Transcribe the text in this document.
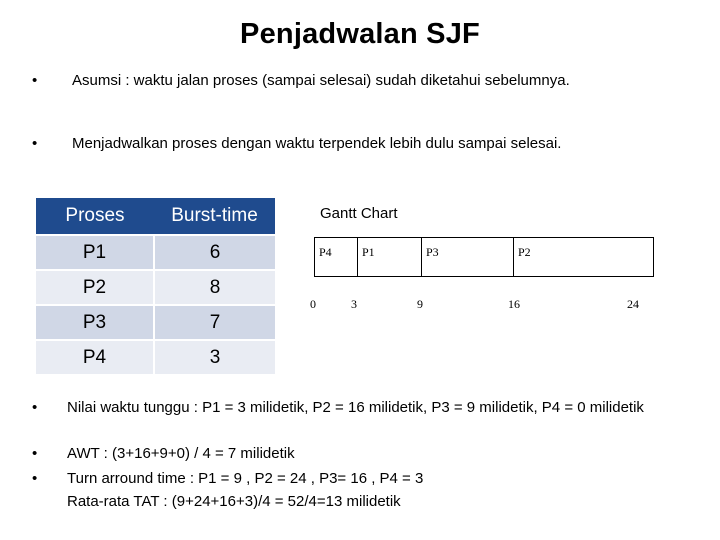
Penjadwalan SJF
• Asumsi : waktu jalan proses (sampai selesai) sudah diketahui sebelumnya.
• Menjadwalkan proses dengan waktu terpendek lebih dulu sampai selesai.
Proses	Burst-time
P1	6
P2	8
P3	7
P4	3
Gantt Chart
P4	P1	P3	P2
0	3	9	16	24
• Nilai waktu tunggu : P1 = 3 milidetik, P2 = 16 milidetik, P3 = 9 milidetik, P4 = 0 milidetik
• AWT : (3+16+9+0) / 4 = 7 milidetik
• Turn arround time : P1 = 9 , P2 = 24 , P3= 16 , P4 = 3
Rata-rata TAT : (9+24+16+3)/4 = 52/4=13 milidetik
